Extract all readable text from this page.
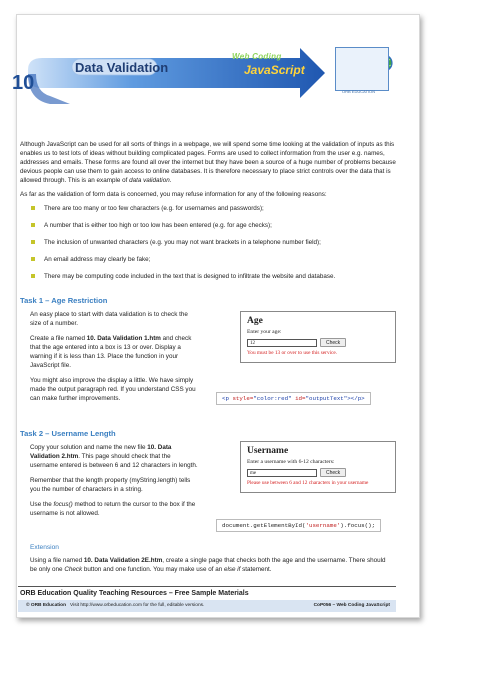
10
Data Validation
Web Coding
JavaScript
ORB EDUCATION

Although JavaScript can be used for all sorts of things in a webpage, we will spend some time looking at the validation of inputs as this enables us to test lots of ideas without building complicated pages. Forms are used to collect information from the user e.g. names, addresses and emails. These forms are found all over the internet but they have been a source of a huge number of problems because devious people can use them to gain access to online databases. It is therefore necessary to place strict controls over the data that is allowed through. This is an example of data validation.

As far as the validation of form data is concerned, you may refuse information for any of the following reasons:

There are too many or too few characters (e.g. for usernames and passwords);
A number that is either too high or too low has been entered (e.g. for age checks);
The inclusion of unwanted characters (e.g. you may not want brackets in a telephone number field);
An email address may clearly be fake;
There may be computing code included in the text that is designed to infiltrate the website and database.
Task 1 – Age Restriction

An easy place to start with data validation is to check the size of a number.

Create a file named 10. Data Validation 1.htm and check that the age entered into a box is 13 or over. Display a warning if it is less than 13. Place the function in your JavaScript file.

You might also improve the display a little. We have simply made the output paragraph red. If you understand CSS you can make further improvements.

Age
Enter your age:
12	Check
You must be 13 or over to use this service.
<p style="color:red" id="outputText"></p>
Task 2 – Username Length

Copy your solution and name the new file 10. Data Validation 2.htm. This page should check that the username entered is between 6 and 12 characters in length.

Remember that the length property (myString.length) tells you the number of characters in a string.

Use the focus() method to return the cursor to the box if the username is not allowed.

Username
Enter a username with 6-12 characters:
me	Check
Please use between 6 and 12 characters in your username
document.getElementById('username').focus();
Extension
Using a file named 10. Data Validation 2E.htm, create a single page that checks both the age and the username. There should be only one Check button and one function. You may make use of an else if statement.
ORB Education Quality Teaching Resources – Free Sample Materials
© ORB Education Visit http://www.orbeducation.com for the full, editable versions.	CoP056 – Web Coding JavaScript
